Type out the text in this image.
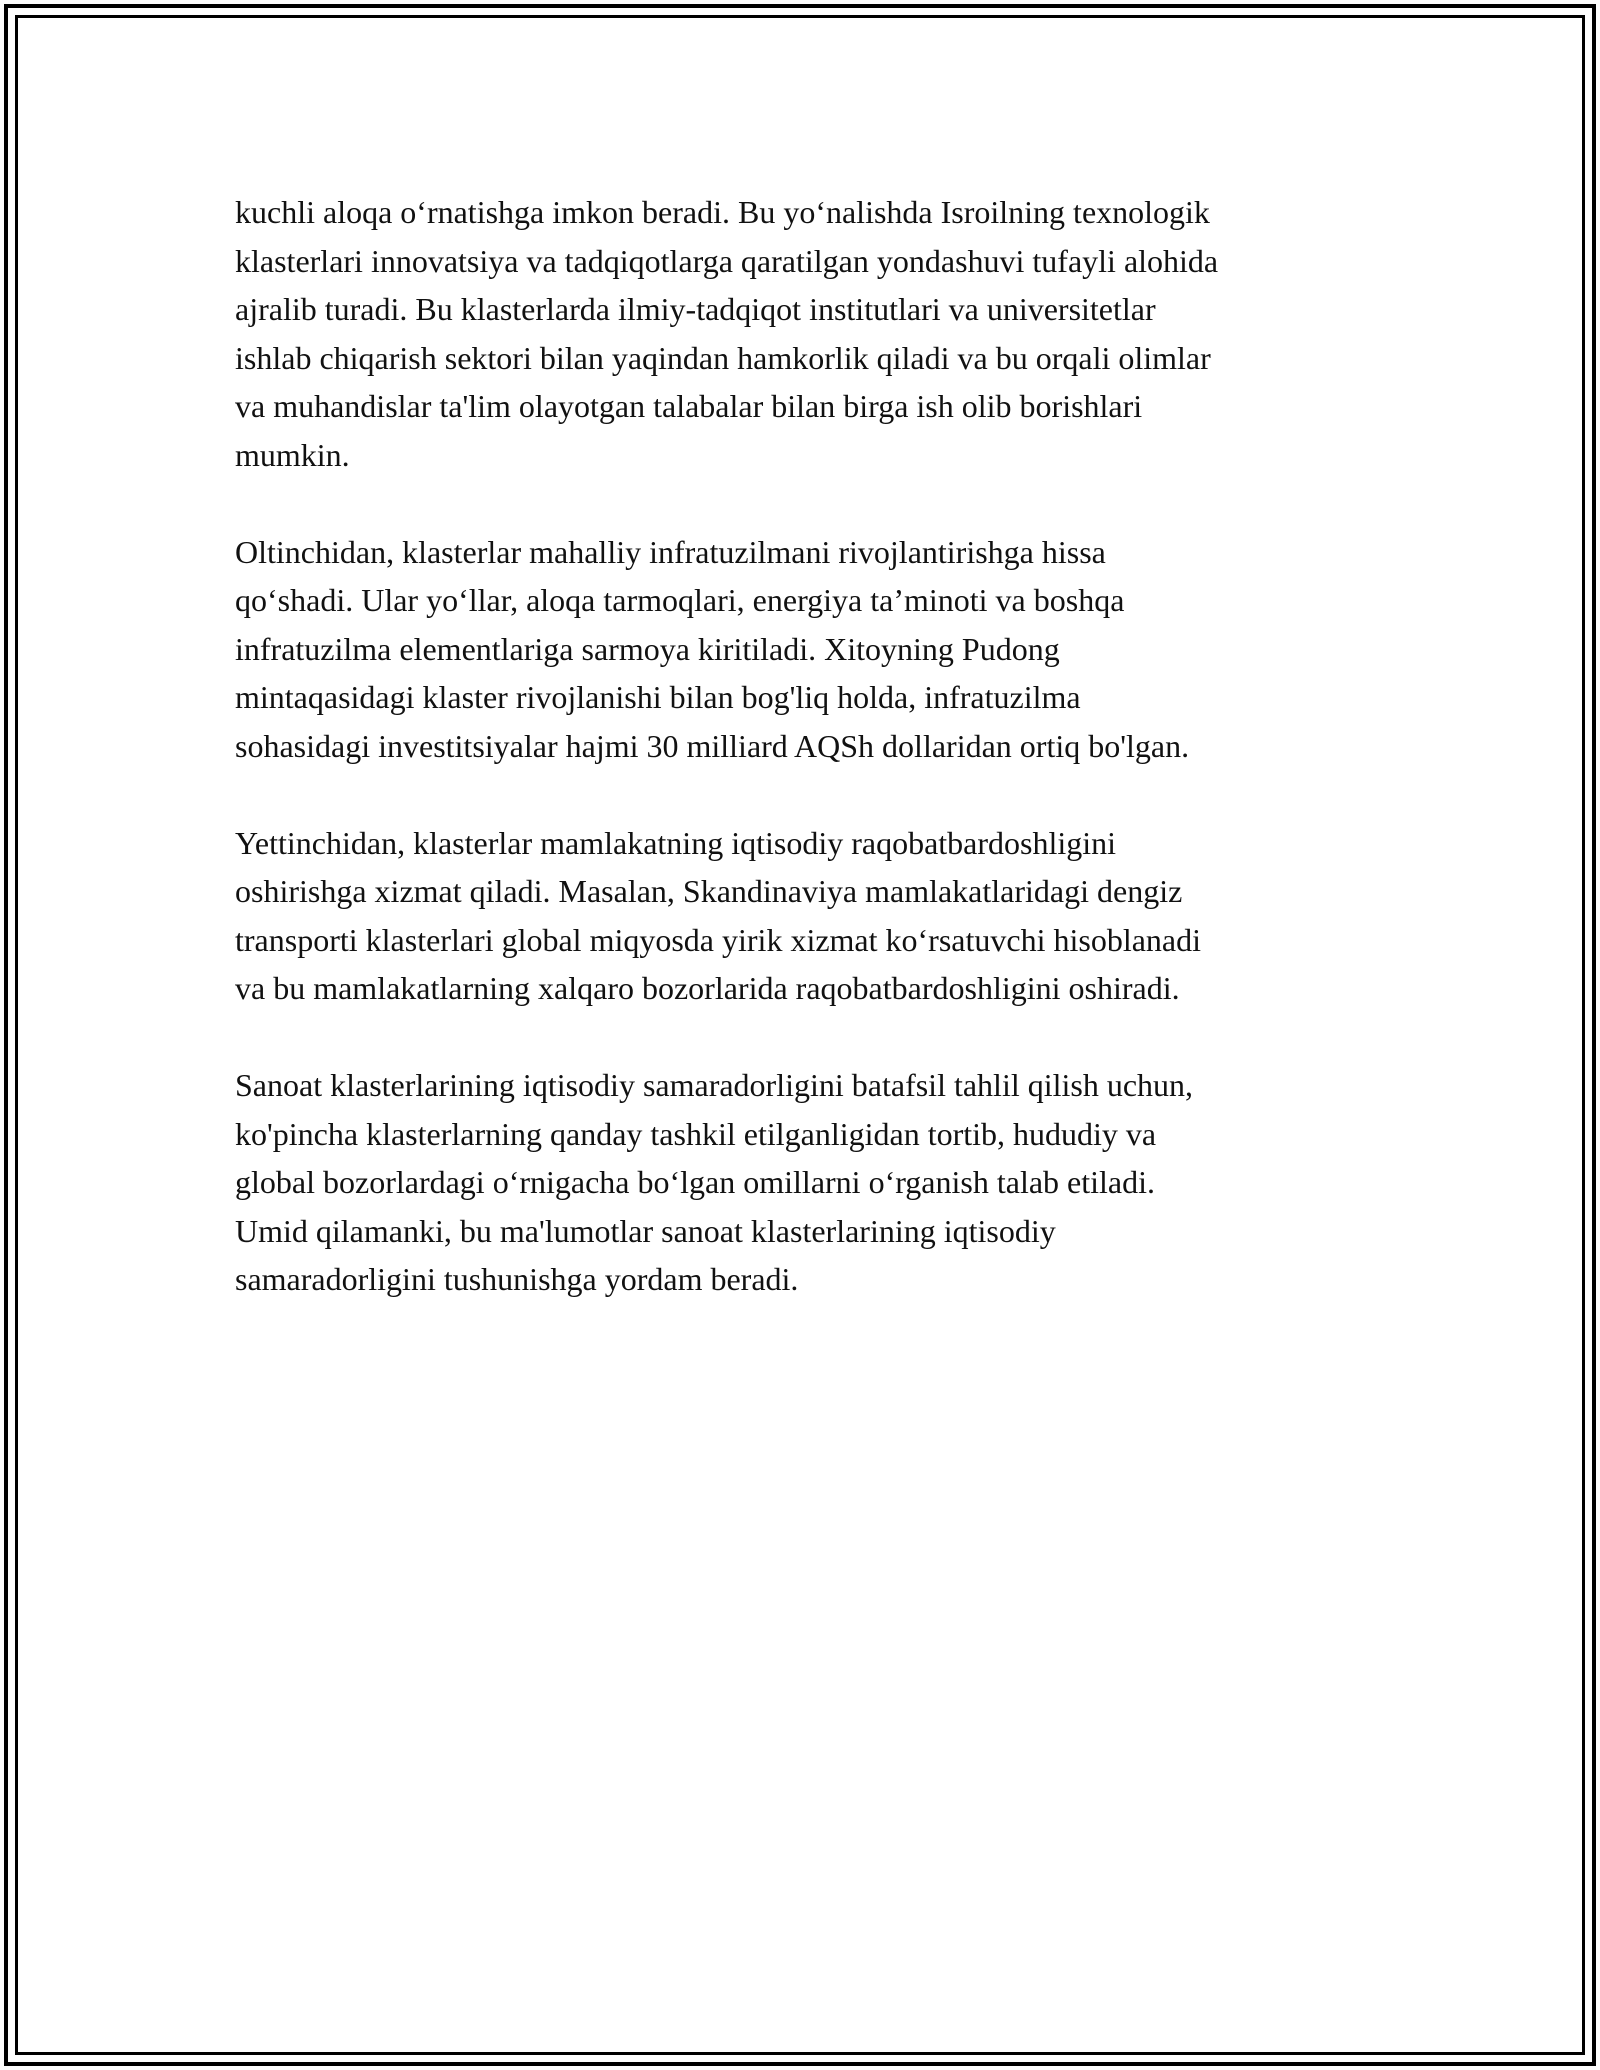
kuchli aloqa oʻrnatishga imkon beradi. Bu yoʻnalishda Isroilning texnologik
klasterlari innovatsiya va tadqiqotlarga qaratilgan yondashuvi tufayli alohida
ajralib turadi. Bu klasterlarda ilmiy-tadqiqot institutlari va universitetlar
ishlab chiqarish sektori bilan yaqindan hamkorlik qiladi va bu orqali olimlar
va muhandislar ta'lim olayotgan talabalar bilan birga ish olib borishlari
mumkin.

Oltinchidan, klasterlar mahalliy infratuzilmani rivojlantirishga hissa
qoʻshadi. Ular yoʻllar, aloqa tarmoqlari, energiya ta’minoti va boshqa
infratuzilma elementlariga sarmoya kiritiladi. Xitoyning Pudong
mintaqasidagi klaster rivojlanishi bilan bog'liq holda, infratuzilma
sohasidagi investitsiyalar hajmi 30 milliard AQSh dollaridan ortiq bo'lgan.

Yettinchidan, klasterlar mamlakatning iqtisodiy raqobatbardoshligini
oshirishga xizmat qiladi. Masalan, Skandinaviya mamlakatlaridagi dengiz
transporti klasterlari global miqyosda yirik xizmat koʻrsatuvchi hisoblanadi
va bu mamlakatlarning xalqaro bozorlarida raqobatbardoshligini oshiradi.

Sanoat klasterlarining iqtisodiy samaradorligini batafsil tahlil qilish uchun,
ko'pincha klasterlarning qanday tashkil etilganligidan tortib, hududiy va
global bozorlardagi oʻrnigacha boʻlgan omillarni oʻrganish talab etiladi.
Umid qilamanki, bu ma'lumotlar sanoat klasterlarining iqtisodiy
samaradorligini tushunishga yordam beradi.
